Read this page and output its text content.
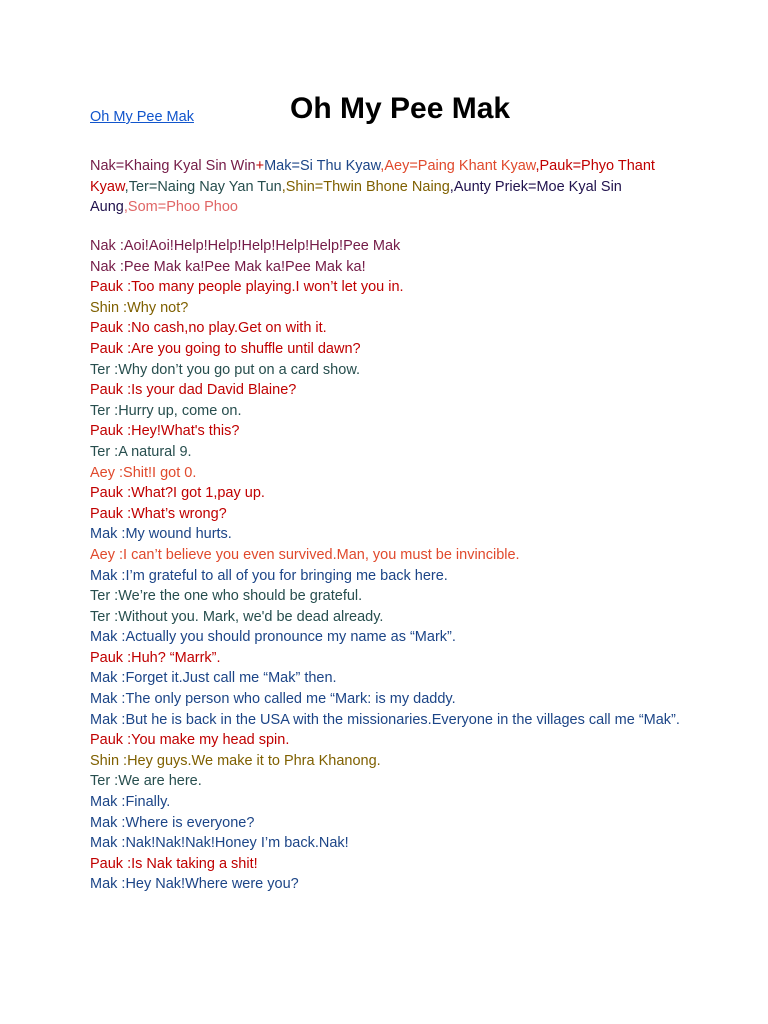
Oh My Pee Mak	Oh My Pee Mak
Nak=Khaing Kyal Sin Win+Mak=Si Thu Kyaw,Aey=Paing Khant Kyaw,Pauk=Phyo Thant Kyaw,Ter=Naing Nay Yan Tun,Shin=Thwin Bhone Naing,Aunty Priek=Moe Kyal Sin Aung,Som=Phoo Phoo
Nak :Aoi!Aoi!Help!Help!Help!Help!Help!Pee Mak
Nak :Pee Mak ka!Pee Mak ka!Pee Mak ka!
Pauk :Too many people playing.I won’t let you in.
Shin :Why not?
Pauk :No cash,no play.Get on with it.
Pauk :Are you going to shuffle until dawn?
Ter :Why don’t you go put on a card show.
Pauk :Is your dad David Blaine?
Ter :Hurry up, come on.
Pauk :Hey!What's this?
Ter :A natural 9.
Aey :Shit!I got 0.
Pauk :What?I got 1,pay up.
Pauk :What’s wrong?
Mak :My wound hurts.
Aey :I can’t believe you even survived.Man, you must be invincible.
Mak :I’m grateful to all of you for bringing me back here.
Ter :We’re the one who should be grateful.
Ter :Without you. Mark, we'd be dead already.
Mak :Actually you should pronounce my name as “Mark”.
Pauk :Huh? “Marrk”.
Mak :Forget it.Just call me “Mak” then.
Mak :The only person who called me “Mark: is my daddy.
Mak :But he is back in the USA with the missionaries.Everyone in the villages call me “Mak”.
Pauk :You make my head spin.
Shin :Hey guys.We make it to Phra Khanong.
Ter :We are here.
Mak :Finally.
Mak :Where is everyone?
Mak :Nak!Nak!Nak!Honey I’m back.Nak!
Pauk :Is Nak taking a shit!
Mak :Hey Nak!Where were you?
